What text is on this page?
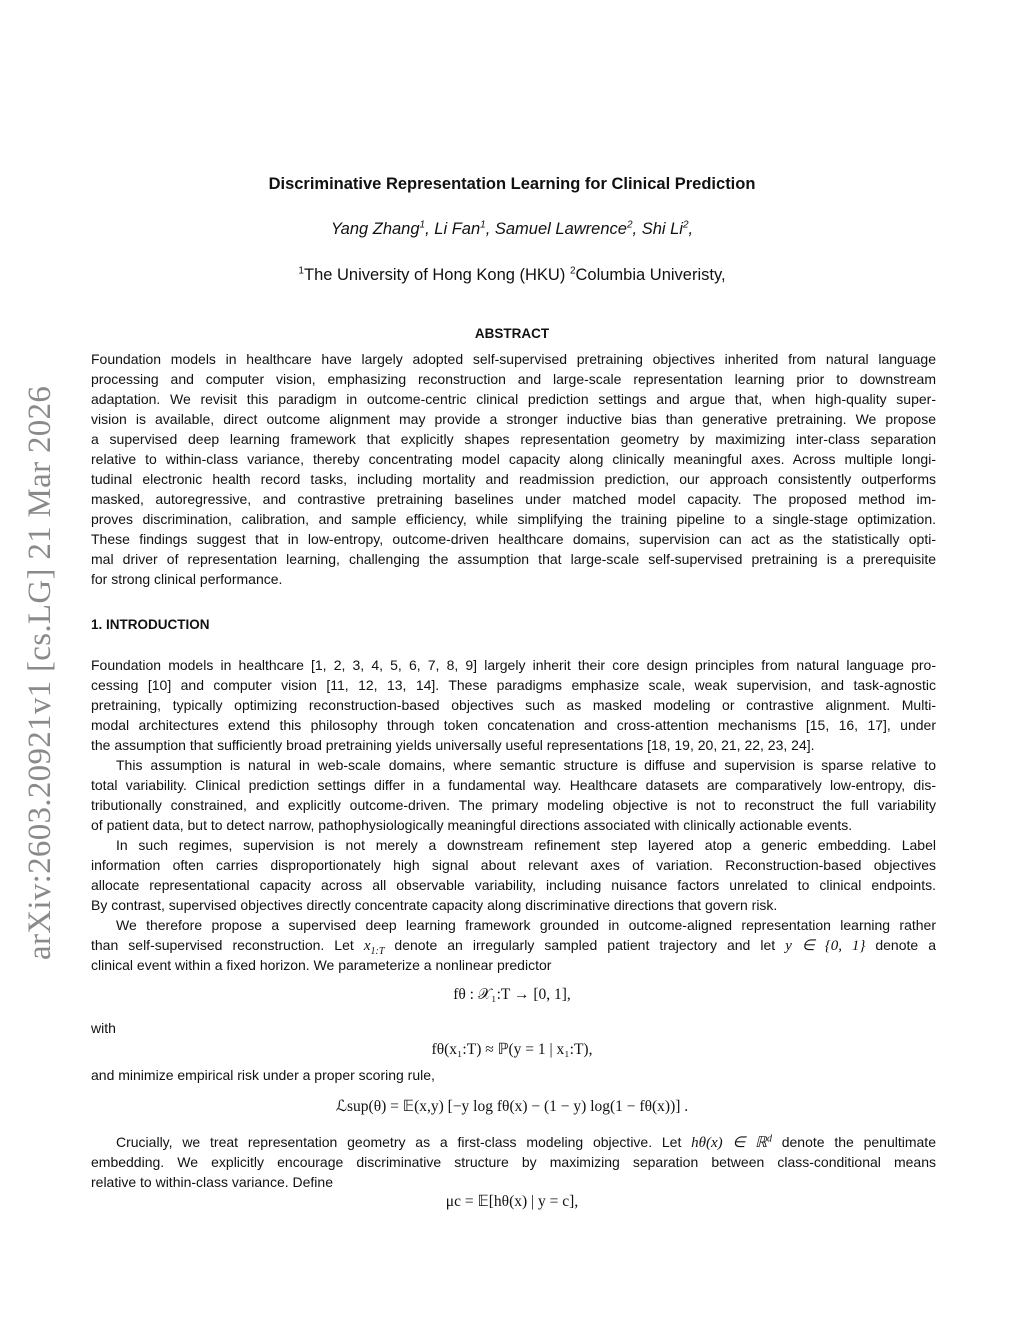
arXiv:2603.20921v1 [cs.LG] 21 Mar 2026
Discriminative Representation Learning for Clinical Prediction
Yang Zhang$^1$, Li Fan$^1$, Samuel Lawrence$^2$, Shi Li$^2$,
$^1$The University of Hong Kong (HKU) $^2$Columbia Univeristy,
ABSTRACT
Foundation models in healthcare have largely adopted self-supervised pretraining objectives inherited from natural language
processing and computer vision, emphasizing reconstruction and large-scale representation learning prior to downstream
adaptation. We revisit this paradigm in outcome-centric clinical prediction settings and argue that, when high-quality super-
vision is available, direct outcome alignment may provide a stronger inductive bias than generative pretraining. We propose
a supervised deep learning framework that explicitly shapes representation geometry by maximizing inter-class separation
relative to within-class variance, thereby concentrating model capacity along clinically meaningful axes. Across multiple longi-
tudinal electronic health record tasks, including mortality and readmission prediction, our approach consistently outperforms
masked, autoregressive, and contrastive pretraining baselines under matched model capacity. The proposed method im-
proves discrimination, calibration, and sample efficiency, while simplifying the training pipeline to a single-stage optimization.
These findings suggest that in low-entropy, outcome-driven healthcare domains, supervision can act as the statistically opti-
mal driver of representation learning, challenging the assumption that large-scale self-supervised pretraining is a prerequisite
for strong clinical performance.
1. INTRODUCTION
Foundation models in healthcare [1, 2, 3, 4, 5, 6, 7, 8, 9] largely inherit their core design principles from natural language pro-
cessing [10] and computer vision [11, 12, 13, 14]. These paradigms emphasize scale, weak supervision, and task-agnostic
pretraining, typically optimizing reconstruction-based objectives such as masked modeling or contrastive alignment. Multi-
modal architectures extend this philosophy through token concatenation and cross-attention mechanisms [15, 16, 17], under
the assumption that sufficiently broad pretraining yields universally useful representations [18, 19, 20, 21, 22, 23, 24].
This assumption is natural in web-scale domains, where semantic structure is diffuse and supervision is sparse relative to
total variability. Clinical prediction settings differ in a fundamental way. Healthcare datasets are comparatively low-entropy, dis-
tributionally constrained, and explicitly outcome-driven. The primary modeling objective is not to reconstruct the full variability
of patient data, but to detect narrow, pathophysiologically meaningful directions associated with clinically actionable events.
In such regimes, supervision is not merely a downstream refinement step layered atop a generic embedding. Label
information often carries disproportionately high signal about relevant axes of variation. Reconstruction-based objectives
allocate representational capacity across all observable variability, including nuisance factors unrelated to clinical endpoints.
By contrast, supervised objectives directly concentrate capacity along discriminative directions that govern risk.
We therefore propose a supervised deep learning framework grounded in outcome-aligned representation learning rather
than self-supervised reconstruction. Let $x_{1:T}$ denote an irregularly sampled patient trajectory and let y ∈ {0, 1} denote a
clinical event within a fixed horizon. We parameterize a nonlinear predictor
fθ : 𝒳₁:T → [0, 1],
with
fθ(x₁:T) ≈ ℙ(y = 1 | x₁:T),
and minimize empirical risk under a proper scoring rule,
ℒsup(θ) = 𝔼(x,y) [−y log fθ(x) − (1 − y) log(1 − fθ(x))] .
Crucially, we treat representation geometry as a first-class modeling objective. Let hθ(x) ∈ ℝ$^d$ denote the penultimate
embedding. We explicitly encourage discriminative structure by maximizing separation between class-conditional means
relative to within-class variance. Define
μc = 𝔼[hθ(x) | y = c],
